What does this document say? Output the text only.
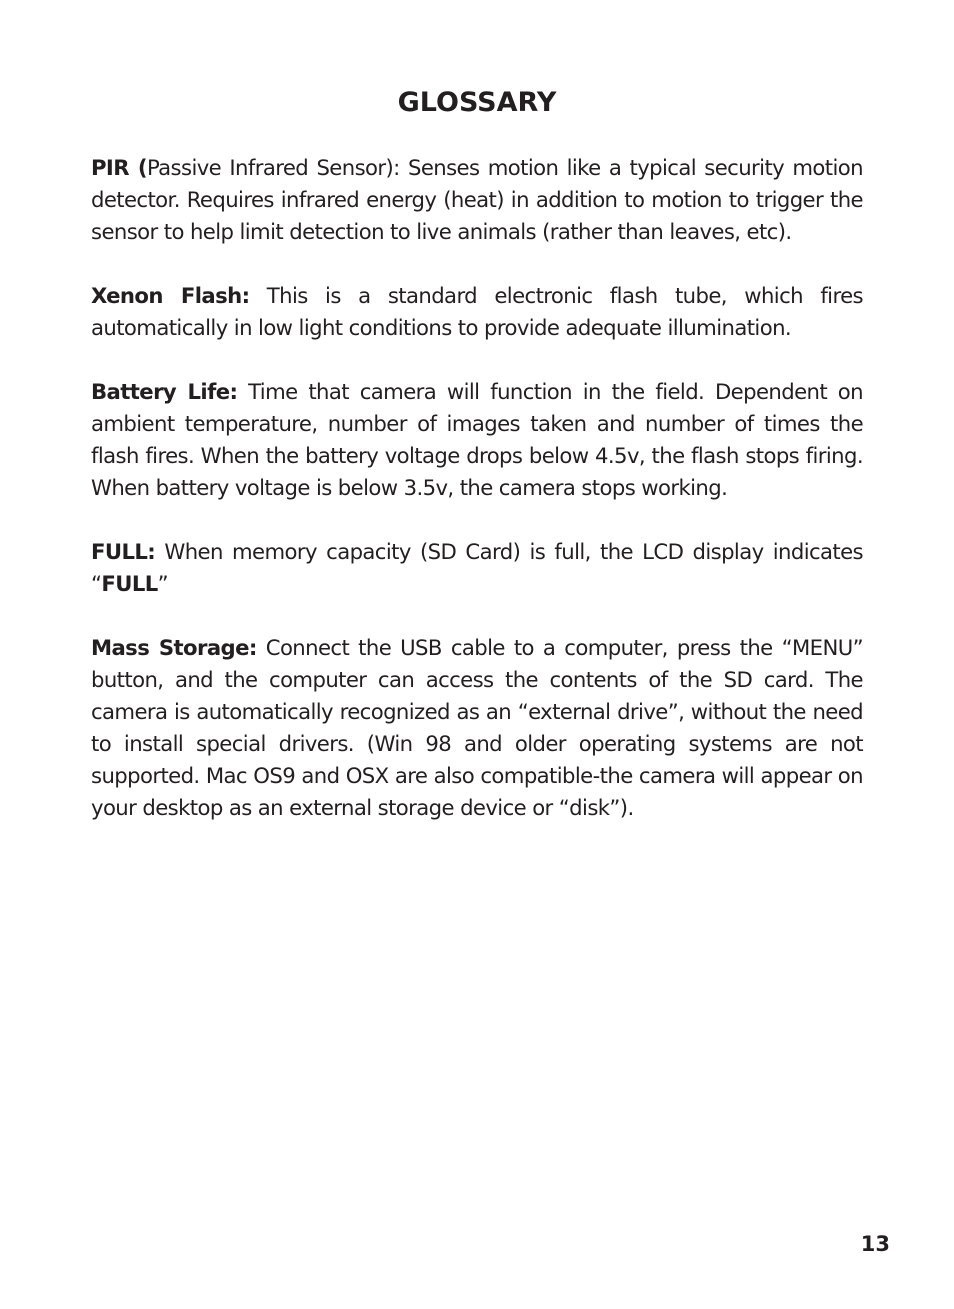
GLOSSARY

PIR (Passive Infrared Sensor): Senses motion like a typical security motion detector. Requires infrared energy (heat) in addition to motion to trigger the sensor to help limit detection to live animals (rather than leaves, etc).

Xenon Flash: This is a standard electronic flash tube, which fires automatically in low light conditions to provide adequate illumination.

Battery Life: Time that camera will function in the field. Dependent on ambient temperature, number of images taken and number of times the flash fires. When the battery voltage drops below 4.5v, the flash stops firing. When battery voltage is below 3.5v, the camera stops working.

FULL: When memory capacity (SD Card) is full, the LCD display indicates “FULL”

Mass Storage: Connect the USB cable to a computer, press the “MENU” button, and the computer can access the contents of the SD card. The camera is automatically recognized as an “external drive”, without the need to install special drivers. (Win 98 and older operating systems are not supported. Mac OS9 and OSX are also compatible-the camera will appear on your desktop as an external storage device or “disk”).

13
